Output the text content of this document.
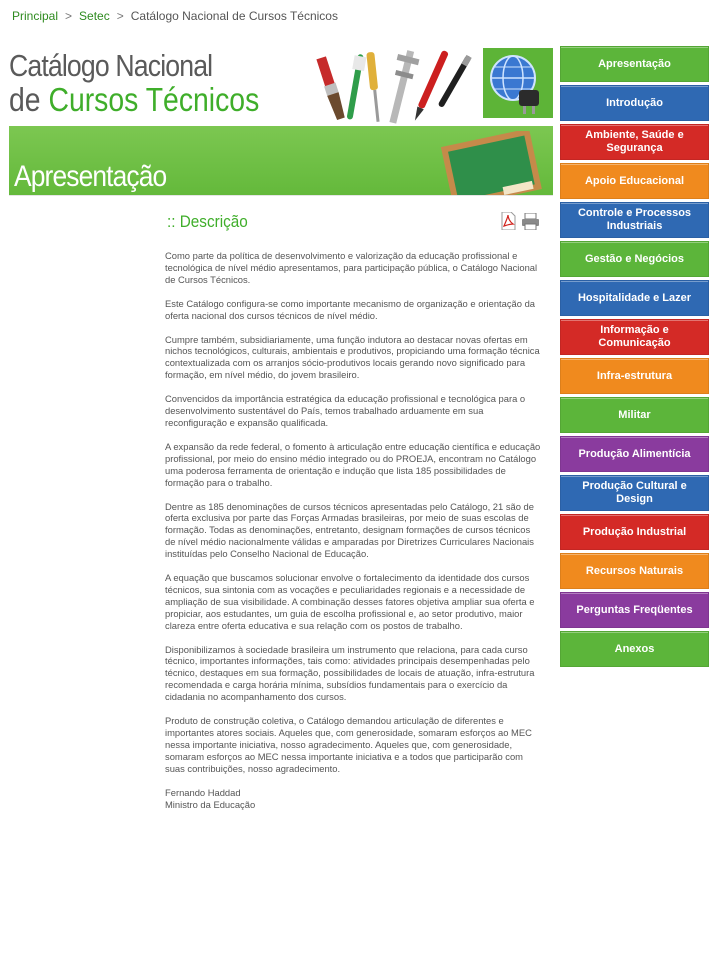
Principal > Setec > Catálogo Nacional de Cursos Técnicos
Catálogo Nacional
de Cursos Técnicos
Apresentação
:: Descrição

Como parte da política de desenvolvimento e valorização da educação profissional e tecnológica de nível médio apresentamos, para participação pública, o Catálogo Nacional de Cursos Técnicos.

Este Catálogo configura-se como importante mecanismo de organização e orientação da oferta nacional dos cursos técnicos de nível médio.

Cumpre também, subsidiariamente, uma função indutora ao destacar novas ofertas em nichos tecnológicos, culturais, ambientais e produtivos, propiciando uma formação técnica contextualizada com os arranjos sócio-produtivos locais gerando novo significado para formação, em nível médio, do jovem brasileiro.

Convencidos da importância estratégica da educação profissional e tecnológica para o desenvolvimento sustentável do País, temos trabalhado arduamente em sua reconfiguração e expansão qualificada.

A expansão da rede federal, o fomento à articulação entre educação científica e educação profissional, por meio do ensino médio integrado ou do PROEJA, encontram no Catálogo uma poderosa ferramenta de orientação e indução que lista 185 possibilidades de formação para o trabalho.

Dentre as 185 denominações de cursos técnicos apresentadas pelo Catálogo, 21 são de oferta exclusiva por parte das Forças Armadas brasileiras, por meio de suas escolas de formação. Todas as denominações, entretanto, designam formações de cursos técnicos de nível médio nacionalmente válidas e amparadas por Diretrizes Curriculares Nacionais instituídas pelo Conselho Nacional de Educação.

A equação que buscamos solucionar envolve o fortalecimento da identidade dos cursos técnicos, sua sintonia com as vocações e peculiaridades regionais e a necessidade de ampliação de sua visibilidade. A combinação desses fatores objetiva ampliar sua oferta e propiciar, aos estudantes, um guia de escolha profissional e, ao setor produtivo, maior clareza entre oferta educativa e sua relação com os postos de trabalho.

Disponibilizamos à sociedade brasileira um instrumento que relaciona, para cada curso técnico, importantes informações, tais como: atividades principais desempenhadas pelo técnico, destaques em sua formação, possibilidades de locais de atuação, infra-estrutura recomendada e carga horária mínima, subsídios fundamentais para o exercício da cidadania no acompanhamento dos cursos.

Produto de construção coletiva, o Catálogo demandou articulação de diferentes e importantes atores sociais. Aqueles que, com generosidade, somaram esforços ao MEC nessa importante iniciativa, nosso agradecimento. Aqueles que, com generosidade, somaram esforços ao MEC nessa importante iniciativa e a todos que participarão com suas contribuições, nosso agradecimento.

Fernando Haddad
Ministro da Educação
Apresentação
Introdução
Ambiente, Saúde e Segurança
Apoio Educacional
Controle e Processos Industriais
Gestão e Negócios
Hospitalidade e Lazer
Informação e Comunicação
Infra-estrutura
Militar
Produção Alimentícia
Produção Cultural e Design
Produção Industrial
Recursos Naturais
Perguntas Freqüentes
Anexos
